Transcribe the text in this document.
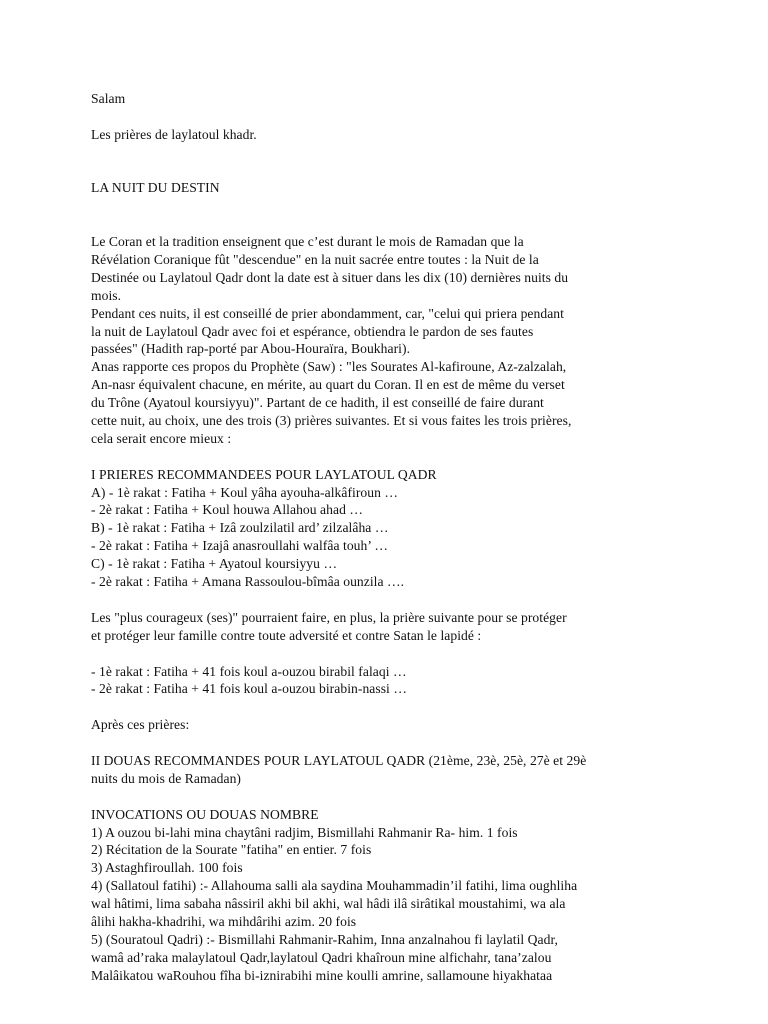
Salam
Les prières de laylatoul khadr.
LA NUIT DU DESTIN
Le Coran et la tradition enseignent que c’est durant le mois de Ramadan que la
Révélation Coranique fût "descendue" en la nuit sacrée entre toutes : la Nuit de la
Destinée ou Laylatoul Qadr dont la date est à situer dans les dix (10) dernières nuits du
mois.
Pendant ces nuits, il est conseillé de prier abondamment, car, "celui qui priera pendant
la nuit de Laylatoul Qadr avec foi et espérance, obtiendra le pardon de ses fautes
passées" (Hadith rap-porté par Abou-Houraïra, Boukhari).
Anas rapporte ces propos du Prophète (Saw) : "les Sourates Al-kafiroune, Az-zalzalah,
An-nasr équivalent chacune, en mérite, au quart du Coran. Il en est de même du verset
du Trône (Ayatoul koursiyyu)". Partant de ce hadith, il est conseillé de faire durant
cette nuit, au choix, une des trois (3) prières suivantes. Et si vous faites les trois prières,
cela serait encore mieux :
I PRIERES RECOMMANDEES POUR LAYLATOUL QADR
A) - 1è rakat : Fatiha + Koul yâha ayouha-alkâfiroun …
- 2è rakat : Fatiha + Koul houwa Allahou ahad …
B) - 1è rakat : Fatiha + Izâ zoulzilatil ard’ zilzalâha …
- 2è rakat : Fatiha + Izajâ anasroullahi walfâa touh’ …
C) - 1è rakat : Fatiha + Ayatoul koursiyyu …
- 2è rakat : Fatiha + Amana Rassoulou-bîmâa ounzila ….
Les "plus courageux (ses)" pourraient faire, en plus, la prière suivante pour se protéger
et protéger leur famille contre toute adversité et contre Satan le lapidé :
- 1è rakat : Fatiha + 41 fois koul a-ouzou birabil falaqi …
- 2è rakat : Fatiha + 41 fois koul a-ouzou birabin-nassi …
Après ces prières:
II DOUAS RECOMMANDES POUR LAYLATOUL QADR (21ème, 23è, 25è, 27è et 29è
nuits du mois de Ramadan)
INVOCATIONS OU DOUAS NOMBRE
1) A ouzou bi-lahi mina chaytâni radjim, Bismillahi Rahmanir Ra- him. 1 fois
2) Récitation de la Sourate "fatiha" en entier. 7 fois
3) Astaghfiroullah. 100 fois
4) (Sallatoul fatihi) :- Allahouma salli ala saydina Mouhammadin’il fatihi, lima oughliha
wal hâtimi, lima sabaha nâssiril akhi bil akhi, wal hâdi ilâ sirâtikal moustahimi, wa ala
âlihi hakha-khadrihi, wa mihdârihi azim. 20 fois
5) (Souratoul Qadri) :- Bismillahi Rahmanir-Rahim, Inna anzalnahou fi laylatil Qadr,
wamâ ad’raka malaylatoul Qadr,laylatoul Qadri khaîroun mine alfichahr, tana’zalou
Malâikatou waRouhou fîha bi-iznirabihi mine koulli amrine, sallamoune hiyakhataa
